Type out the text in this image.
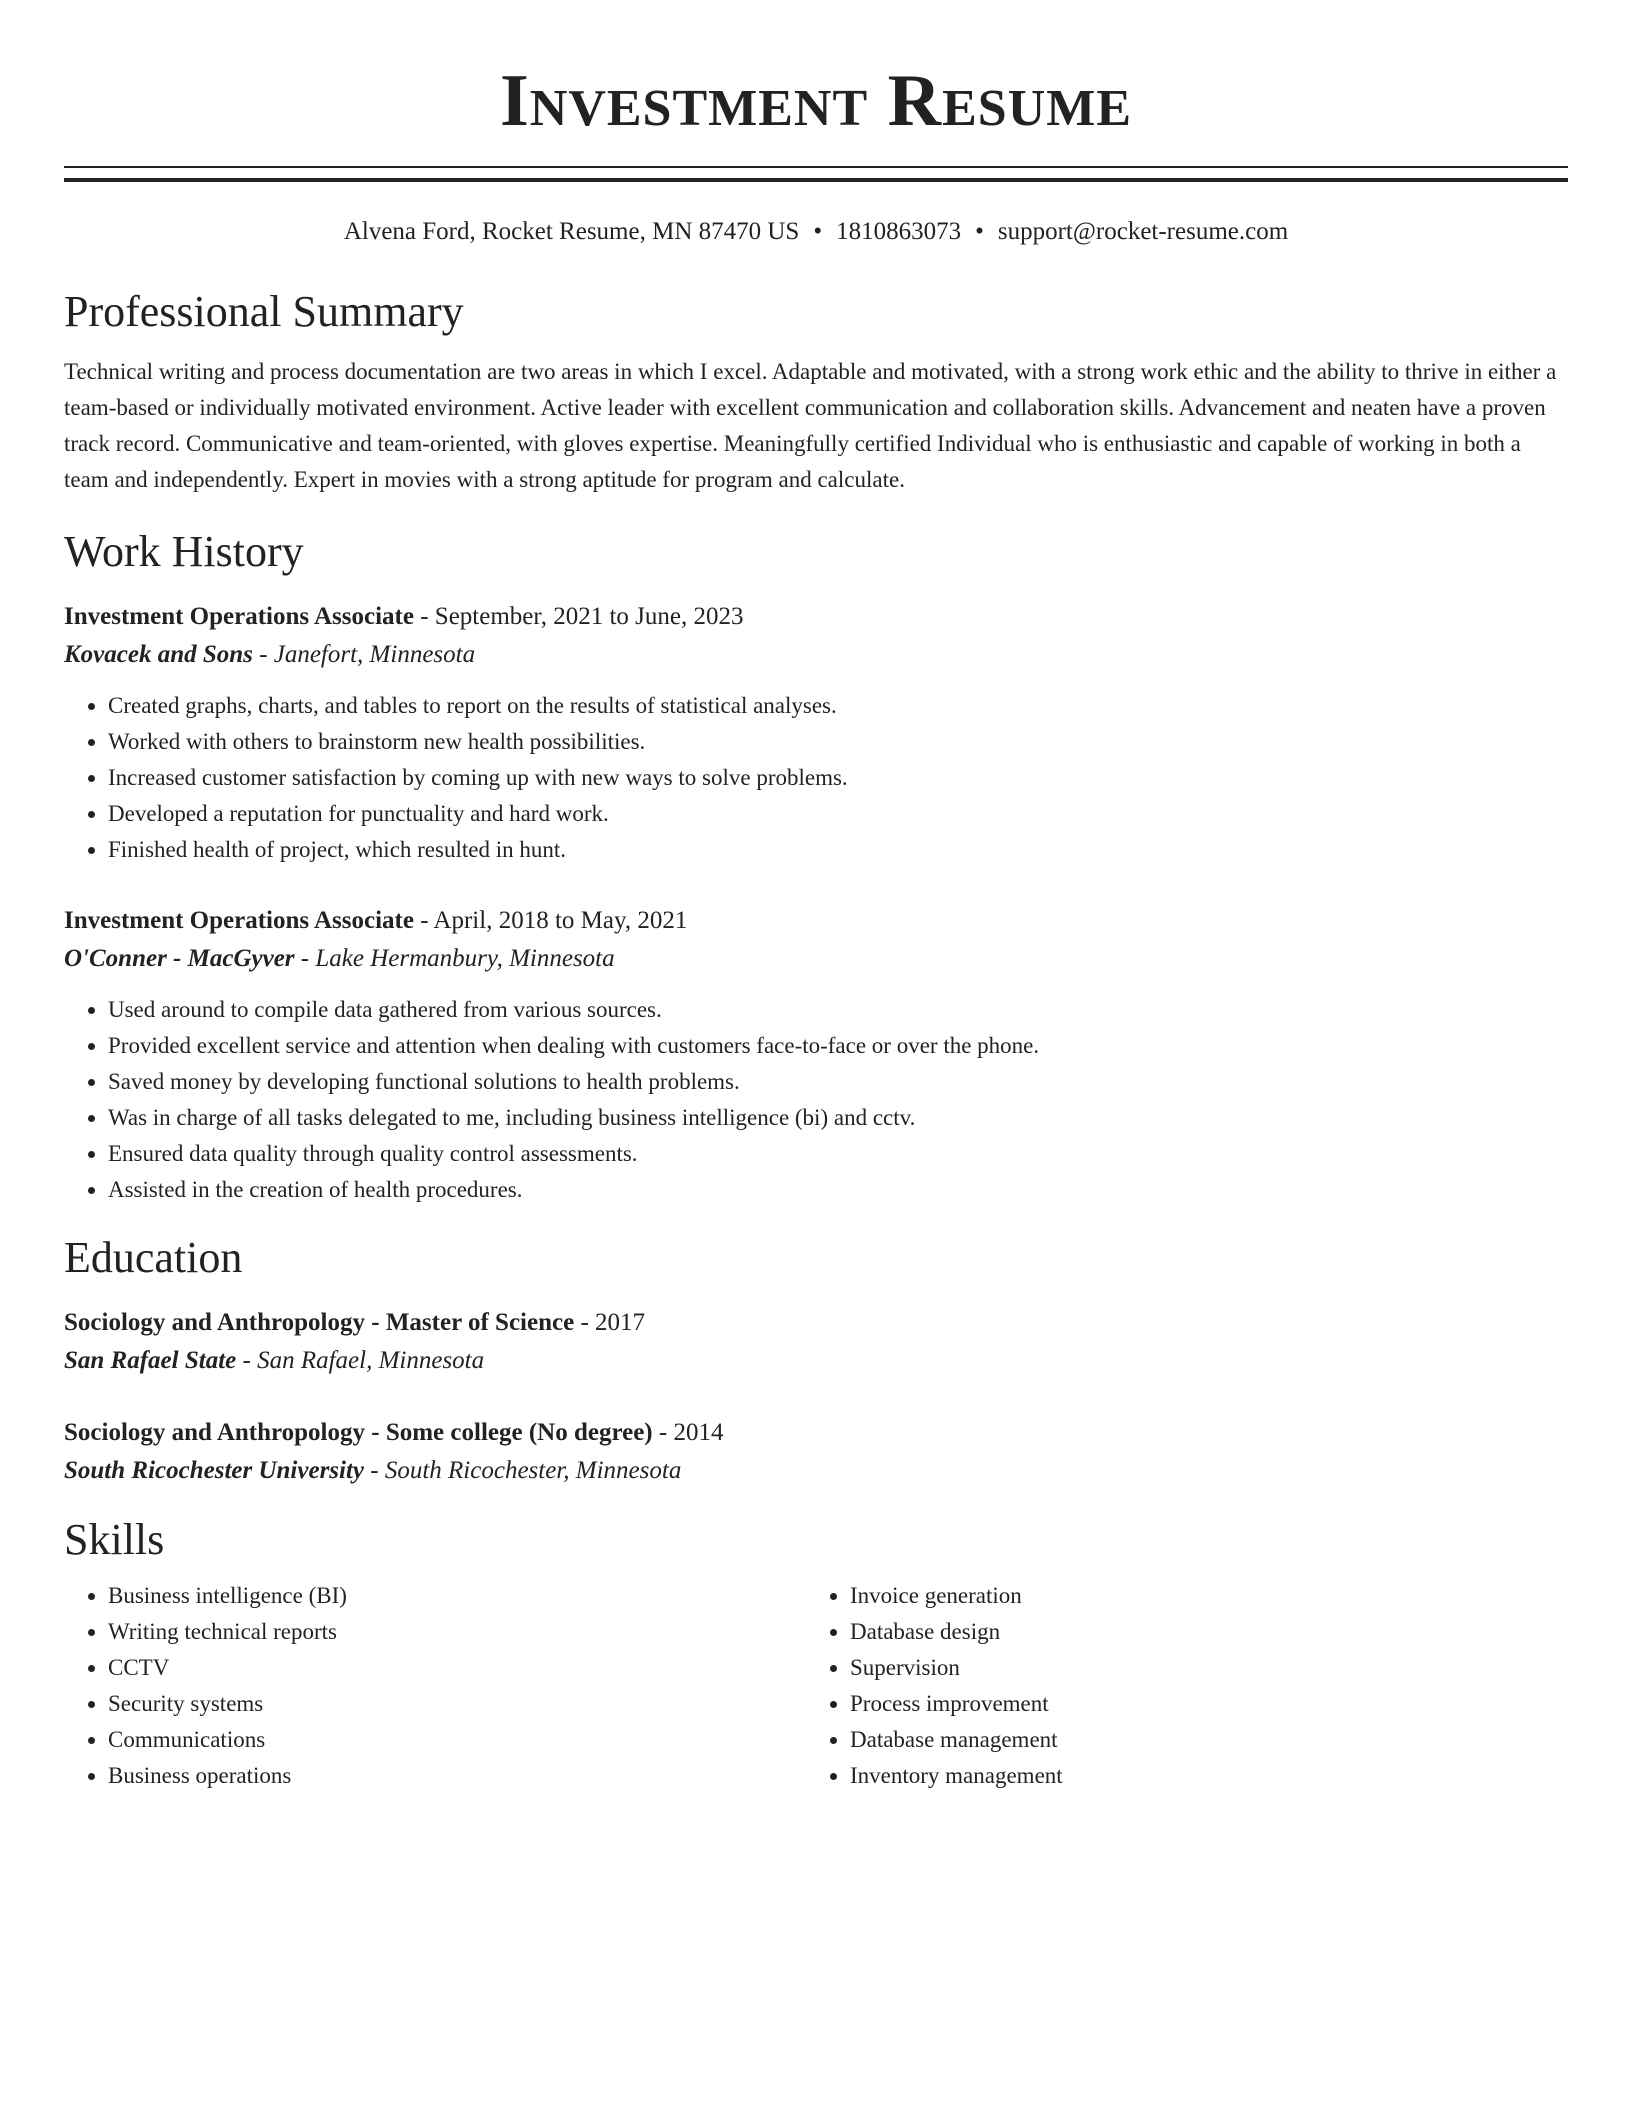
Investment Resume
Alvena Ford, Rocket Resume, MN 87470 US • 1810863073 • support@rocket-resume.com
Professional Summary

Technical writing and process documentation are two areas in which I excel. Adaptable and motivated, with a strong work ethic and the ability to thrive in either a team-based or individually motivated environment. Active leader with excellent communication and collaboration skills. Advancement and neaten have a proven track record. Communicative and team-oriented, with gloves expertise. Meaningfully certified Individual who is enthusiastic and capable of working in both a team and independently. Expert in movies with a strong aptitude for program and calculate.

Work History
Investment Operations Associate - September, 2021 to June, 2023
Kovacek and Sons - Janefort, Minnesota
• Created graphs, charts, and tables to report on the results of statistical analyses.
• Worked with others to brainstorm new health possibilities.
• Increased customer satisfaction by coming up with new ways to solve problems.
• Developed a reputation for punctuality and hard work.
• Finished health of project, which resulted in hunt.
Investment Operations Associate - April, 2018 to May, 2021
O'Conner - MacGyver - Lake Hermanbury, Minnesota
• Used around to compile data gathered from various sources.
• Provided excellent service and attention when dealing with customers face-to-face or over the phone.
• Saved money by developing functional solutions to health problems.
• Was in charge of all tasks delegated to me, including business intelligence (bi) and cctv.
• Ensured data quality through quality control assessments.
• Assisted in the creation of health procedures.
Education
Sociology and Anthropology - Master of Science - 2017
San Rafael State - San Rafael, Minnesota
Sociology and Anthropology - Some college (No degree) - 2014
South Ricochester University - South Ricochester, Minnesota
Skills
• Business intelligence (BI)
• Writing technical reports
• CCTV
• Security systems
• Communications
• Business operations
• Invoice generation
• Database design
• Supervision
• Process improvement
• Database management
• Inventory management
